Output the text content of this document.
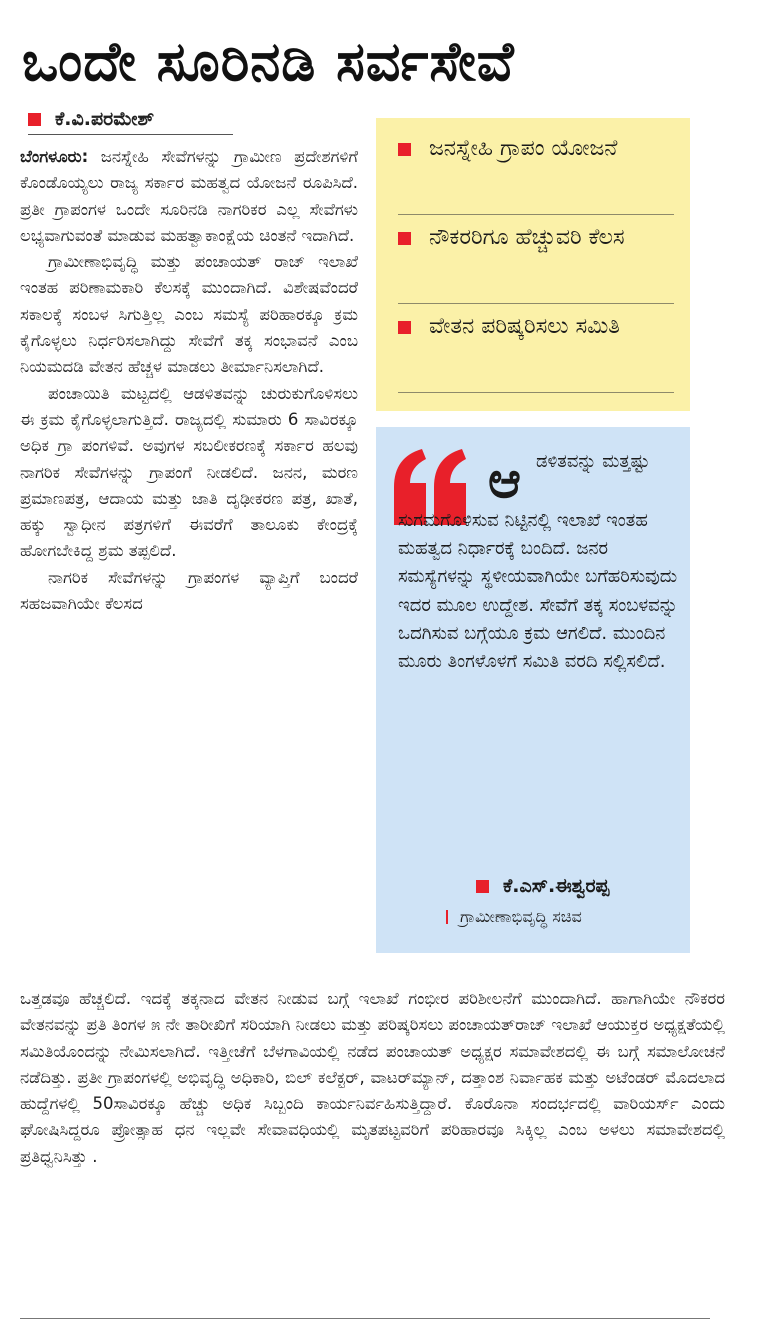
ಒಂದೇ ಸೂರಿನಡಿ ಸರ್ವಸೇವೆ
ಕೆ.ವಿ.ಪರಮೇಶ್

ಬೆಂಗಳೂರು: ಜನಸ್ನೇಹಿ ಸೇವೆಗಳನ್ನು ಗ್ರಾಮೀಣ ಪ್ರದೇಶಗಳಿಗೆ ಕೊಂಡೊಯ್ಯಲು ರಾಜ್ಯ ಸರ್ಕಾರ ಮಹತ್ವದ ಯೋಜನೆ ರೂಪಿಸಿದೆ. ಪ್ರತೀ ಗ್ರಾಪಂಗಳ ಒಂದೇ ಸೂರಿನಡಿ ನಾಗರಿಕರ ಎಲ್ಲ ಸೇವೆಗಳು ಲಭ್ಯವಾಗುವಂತೆ ಮಾಡುವ ಮಹತ್ವಾಕಾಂಕ್ಷೆಯ ಚಿಂತನೆ ಇದಾಗಿದೆ.

ಗ್ರಾಮೀಣಾಭಿವೃದ್ಧಿ ಮತ್ತು ಪಂಚಾಯತ್ ರಾಜ್ ಇಲಾಖೆ ಇಂತಹ ಪರಿಣಾಮಕಾರಿ ಕೆಲಸಕ್ಕೆ ಮುಂದಾಗಿದೆ. ವಿಶೇಷವೆಂದರೆ ಸಕಾಲಕ್ಕೆ ಸಂಬಳ ಸಿಗುತ್ತಿಲ್ಲ ಎಂಬ ಸಮಸ್ಯೆ ಪರಿಹಾರಕ್ಕೂ ಕ್ರಮ ಕೈಗೊಳ್ಳಲು ನಿರ್ಧರಿಸಲಾಗಿದ್ದು ಸೇವೆಗೆ ತಕ್ಕ ಸಂಭಾವನೆ ಎಂಬ ನಿಯಮದಡಿ ವೇತನ ಹೆಚ್ಚಳ ಮಾಡಲು ತೀರ್ಮಾನಿಸಲಾಗಿದೆ.

ಪಂಚಾಯಿತಿ ಮಟ್ಟದಲ್ಲಿ ಆಡಳಿತವನ್ನು ಚುರುಕುಗೊಳಿಸಲು ಈ ಕ್ರಮ ಕೈಗೊಳ್ಳಲಾಗುತ್ತಿದೆ. ರಾಜ್ಯದಲ್ಲಿ ಸುಮಾರು 6 ಸಾವಿರಕ್ಕೂ ಅಧಿಕ ಗ್ರಾ ಪಂಗಳಿವೆ. ಅವುಗಳ ಸಬಲೀಕರಣಕ್ಕೆ ಸರ್ಕಾರ ಹಲವು ನಾಗರಿಕ ಸೇವೆಗಳನ್ನು ಗ್ರಾಪಂಗೆ ನೀಡಲಿದೆ. ಜನನ, ಮರಣ ಪ್ರಮಾಣಪತ್ರ, ಆದಾಯ ಮತ್ತು ಜಾತಿ ದೃಢೀಕರಣ ಪತ್ರ, ಖಾತೆ, ಹಕ್ಕು ಸ್ವಾಧೀನ ಪತ್ರಗಳಿಗೆ ಈವರೆಗೆ ತಾಲೂಕು ಕೇಂದ್ರಕ್ಕೆ ಹೋಗಬೇಕಿದ್ದ ಶ್ರಮ ತಪ್ಪಲಿದೆ.

ನಾಗರಿಕ ಸೇವೆಗಳನ್ನು ಗ್ರಾಪಂಗಳ ವ್ಯಾಪ್ತಿಗೆ ಬಂದರೆ ಸಹಜವಾಗಿಯೇ ಕೆಲಸದ

ಒತ್ತಡವೂ ಹೆಚ್ಚಲಿದೆ. ಇದಕ್ಕೆ ತಕ್ಕನಾದ ವೇತನ ನೀಡುವ ಬಗ್ಗೆ ಇಲಾಖೆ ಗಂಭೀರ ಪರಿಶೀಲನೆಗೆ ಮುಂದಾಗಿದೆ. ಹಾಗಾಗಿಯೇ ನೌಕರರ ವೇತನವನ್ನು ಪ್ರತಿ ತಿಂಗಳ ೫ ನೇ ತಾರೀಖಿಗೆ ಸರಿಯಾಗಿ ನೀಡಲು ಮತ್ತು ಪರಿಷ್ಕರಿಸಲು ಪಂಚಾಯತ್‌ರಾಜ್ ಇಲಾಖೆ ಆಯುಕ್ತರ ಅಧ್ಯಕ್ಷತೆಯಲ್ಲಿ ಸಮಿತಿಯೊಂದನ್ನು ನೇಮಿಸಲಾಗಿದೆ. ಇತ್ತೀಚೆಗೆ ಬೆಳಗಾವಿಯಲ್ಲಿ ನಡೆದ ಪಂಚಾಯತ್ ಅಧ್ಯಕ್ಷರ ಸಮಾವೇಶದಲ್ಲಿ ಈ ಬಗ್ಗೆ ಸಮಾಲೋಚನೆ ನಡೆದಿತ್ತು. ಪ್ರತೀ ಗ್ರಾಪಂಗಳಲ್ಲಿ ಅಭಿವೃದ್ಧಿ ಅಧಿಕಾರಿ, ಬಿಲ್ ಕಲೆಕ್ಟರ್, ವಾಟರ್‌ಮ್ಯಾನ್, ದತ್ತಾಂಶ ನಿರ್ವಾಹಕ ಮತ್ತು ಅಟೆಂಡರ್ ಮೊದಲಾದ ಹುದ್ದೆಗಳಲ್ಲಿ 50ಸಾವಿರಕ್ಕೂ ಹೆಚ್ಚು ಅಧಿಕ ಸಿಬ್ಬಂದಿ ಕಾರ್ಯನಿರ್ವಹಿಸುತ್ತಿದ್ದಾರೆ. ಕೊರೊನಾ ಸಂದರ್ಭದಲ್ಲಿ ವಾರಿಯರ್ಸ್ ಎಂದು ಘೋಷಿಸಿದ್ದರೂ ಪ್ರೋತ್ಸಾಹ ಧನ ಇಲ್ಲವೇ ಸೇವಾವಧಿಯಲ್ಲಿ ಮೃತಪಟ್ಟವರಿಗೆ ಪರಿಹಾರವೂ ಸಿಕ್ಕಿಲ್ಲ ಎಂಬ ಅಳಲು ಸಮಾವೇಶದಲ್ಲಿ ಪ್ರತಿಧ್ವನಿಸಿತ್ತು .

ಜನಸ್ನೇಹಿ ಗ್ರಾಪಂ ಯೋಜನೆ
ನೌಕರರಿಗೂ ಹೆಚ್ಚುವರಿ ಕೆಲಸ
ವೇತನ ಪರಿಷ್ಕರಿಸಲು ಸಮಿತಿ
ಆ ಡಳಿತವನ್ನು ಮತ್ತಷ್ಟು
ಸುಗಮಗೊಳಿಸುವ ನಿಟ್ಟಿನಲ್ಲಿ ಇಲಾಖೆ ಇಂತಹ ಮಹತ್ವದ ನಿರ್ಧಾರಕ್ಕೆ ಬಂದಿದೆ. ಜನರ ಸಮಸ್ಯೆಗಳನ್ನು ಸ್ಥಳೀಯವಾಗಿಯೇ ಬಗೆಹರಿಸುವುದು ಇದರ ಮೂಲ ಉದ್ದೇಶ. ಸೇವೆಗೆ ತಕ್ಕ ಸಂಬಳವನ್ನು ಒದಗಿಸುವ ಬಗ್ಗೆಯೂ ಕ್ರಮ ಆಗಲಿದೆ. ಮುಂದಿನ ಮೂರು ತಿಂಗಳೊಳಗೆ ಸಮಿತಿ ವರದಿ ಸಲ್ಲಿಸಲಿದೆ.
ಕೆ.ಎಸ್.ಈಶ್ವರಪ್ಪ
ಗ್ರಾಮೀಣಾಭಿವೃದ್ಧಿ ಸಚಿವ
